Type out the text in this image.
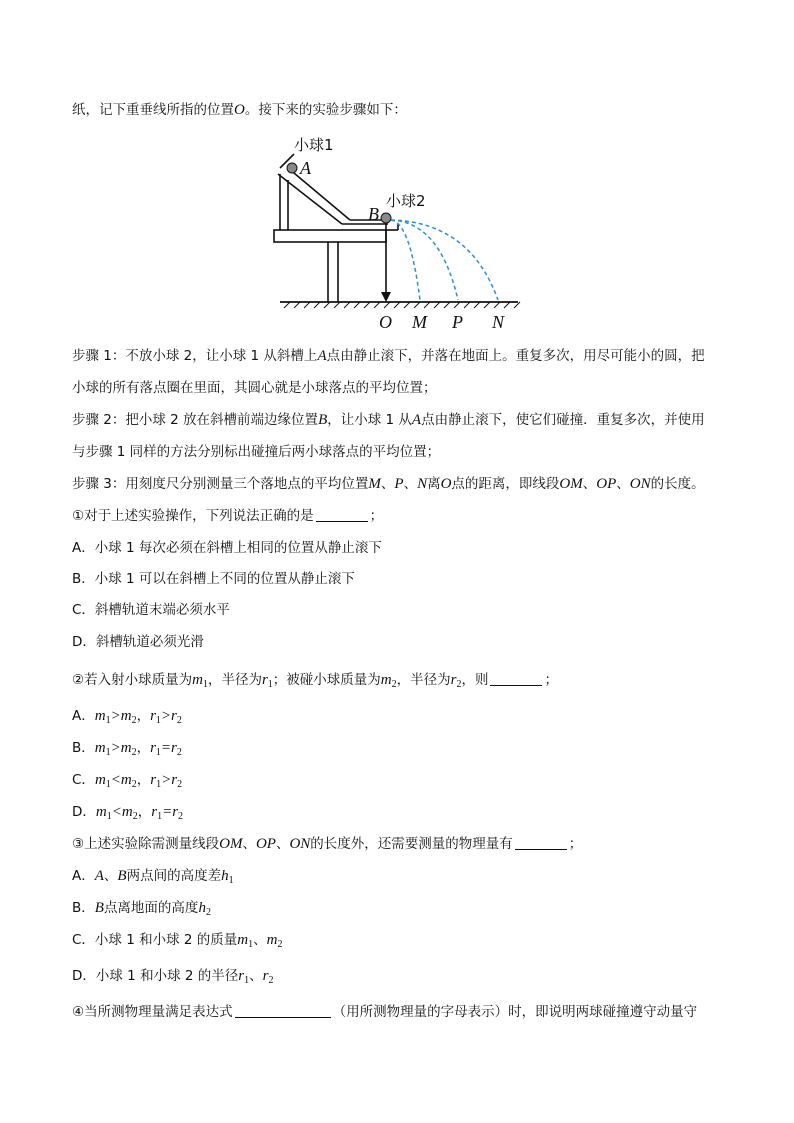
纸，记下重垂线所指的位置O。接下来的实验步骤如下：
小球1
A
B
小球2
O M P N
步骤 1：不放小球 2，让小球 1 从斜槽上A点由静止滚下，并落在地面上。重复多次，用尽可能小的圆，把
小球的所有落点圈在里面，其圆心就是小球落点的平均位置；
步骤 2：把小球 2 放在斜槽前端边缘位置B，让小球 1 从A点由静止滚下，使它们碰撞．重复多次，并使用
与步骤 1 同样的方法分别标出碰撞后两小球落点的平均位置；
步骤 3：用刻度尺分别测量三个落地点的平均位置M、P、N离O点的距离，即线段OM、OP、ON的长度。
①对于上述实验操作，下列说法正确的是	；
A．小球 1 每次必须在斜槽上相同的位置从静止滚下
B．小球 1 可以在斜槽上不同的位置从静止滚下
C．斜槽轨道末端必须水平
D．斜槽轨道必须光滑
②若入射小球质量为$m_1$，半径为$r_1$；被碰小球质量为$m_2$，半径为$r_2$，则	；
A．$m_1>m_2$，$r_1>r_2$
B．$m_1>m_2$，$r_1=r_2$
C．$m_1<m_2$，$r_1>r_2$
D．$m_1<m_2$，$r_1=r_2$
③上述实验除需测量线段OM、OP、ON的长度外，还需要测量的物理量有	；
A．A、B两点间的高度差$h_1$
B．B点离地面的高度$h_2$
C．小球 1 和小球 2 的质量$m_1$、$m_2$
D．小球 1 和小球 2 的半径$r_1$、$r_2$
④当所测物理量满足表达式	（用所测物理量的字母表示）时，即说明两球碰撞遵守动量守
